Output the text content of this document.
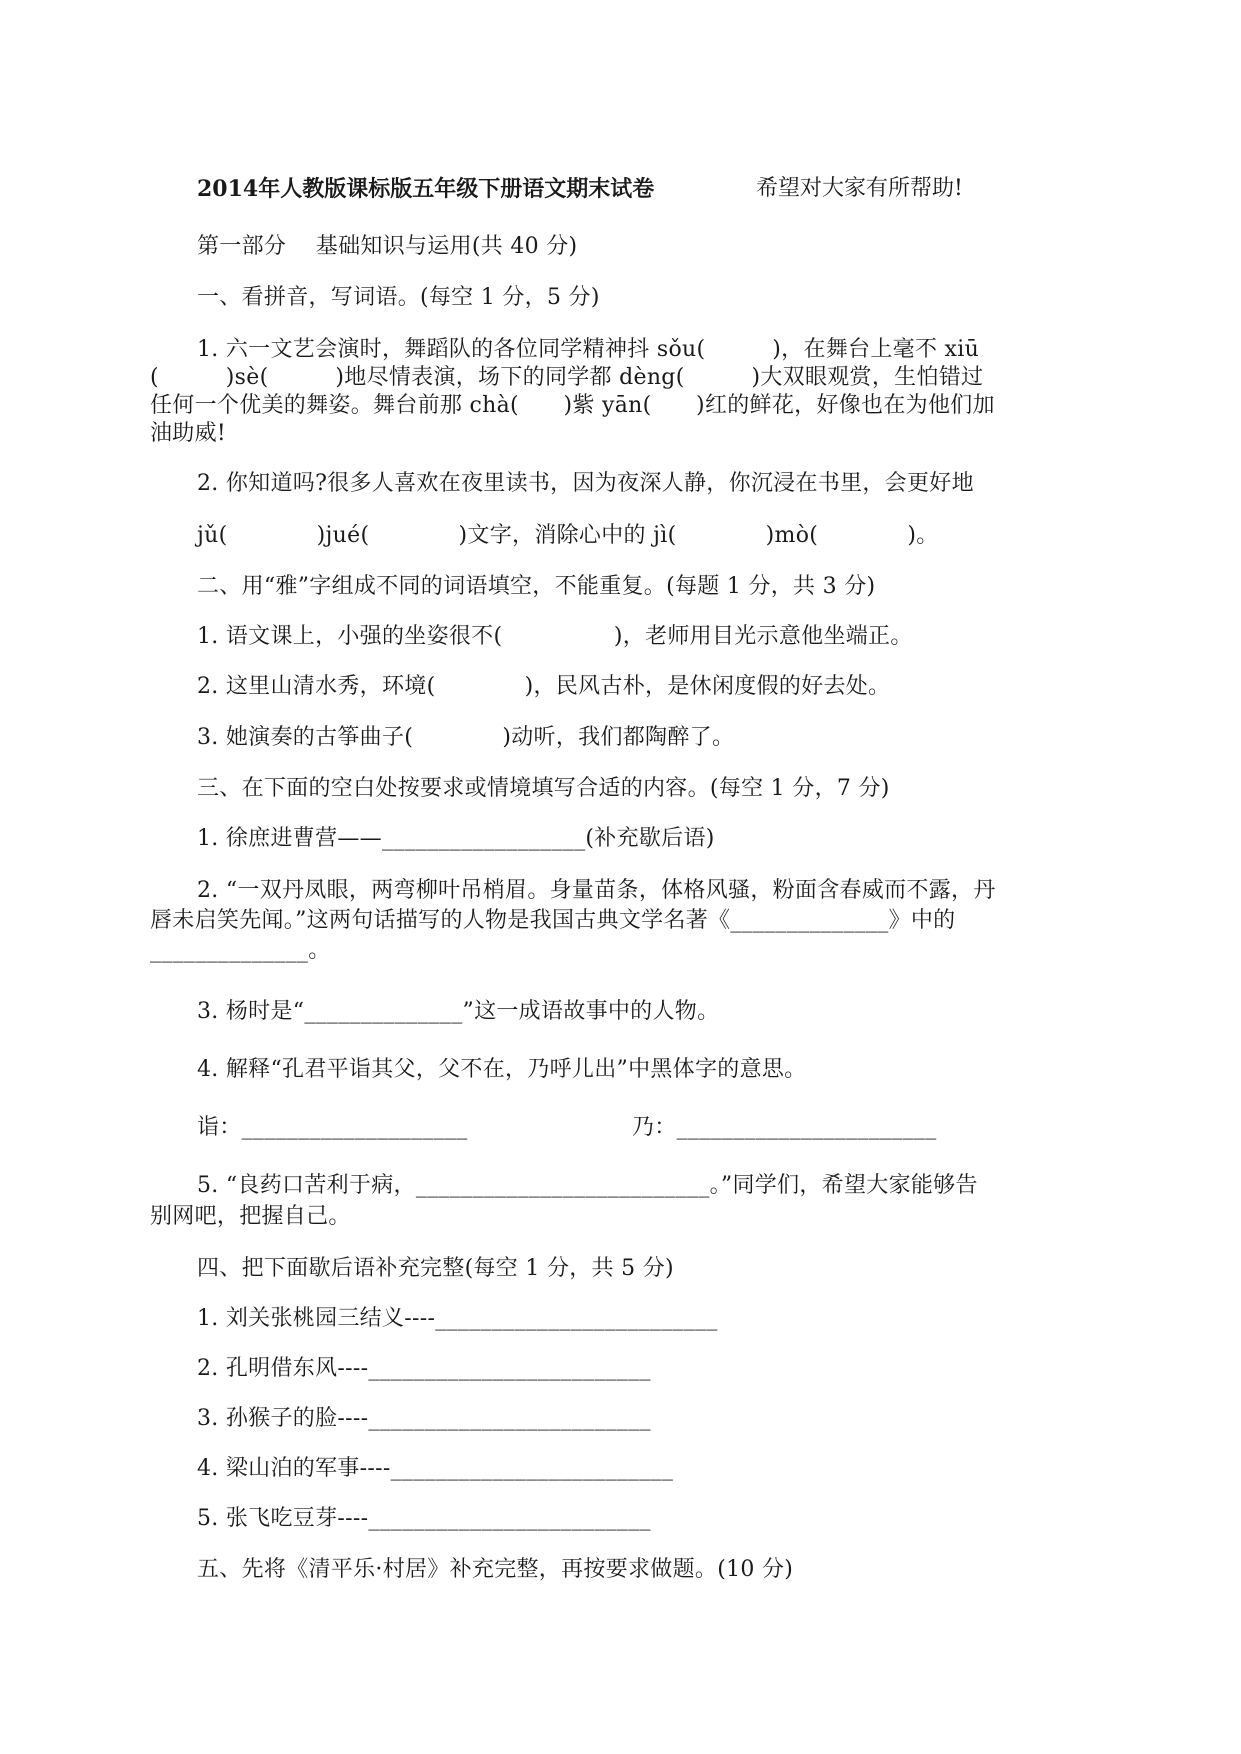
2014年人教版课标版五年级下册语文期末试卷	希望对大家有所帮助!
第一部分　 基础知识与运用(共 40 分)
一、看拼音，写词语。(每空 1 分，5 分)
1. 六一文艺会演时，舞蹈队的各位同学精神抖 sǒu(　　　)，在舞台上毫不 xiū
(　　　)sè(　　　)地尽情表演，场下的同学都 dèng(　　　)大双眼观赏，生怕错过
任何一个优美的舞姿。舞台前那 chà(　　)紫 yān(　　)红的鲜花，好像也在为他们加
油助威!
2. 你知道吗?很多人喜欢在夜里读书，因为夜深人静，你沉浸在书里，会更好地
jǔ(　　　　)jué(　　　　)文字，消除心中的 jì(　　　　)mò(　　　　)。
二、用“雅”字组成不同的词语填空，不能重复。(每题 1 分，共 3 分)
1. 语文课上，小强的坐姿很不(　　　　　)，老师用目光示意他坐端正。
2. 这里山清水秀，环境(　　　　)，民风古朴，是休闲度假的好去处。
3. 她演奏的古筝曲子(　　　　)动听，我们都陶醉了。
三、在下面的空白处按要求或情境填写合适的内容。(每空 1 分，7 分)
1. 徐庶进曹营——__________________(补充歇后语)
2. “一双丹凤眼，两弯柳叶吊梢眉。身量苗条，体格风骚，粉面含春威而不露，丹
唇未启笑先闻。”这两句话描写的人物是我国古典文学名著《______________》中的
______________。
3. 杨时是“______________”这一成语故事中的人物。
4. 解释“孔君平诣其父，父不在，乃呼儿出”中黑体字的意思。
诣：____________________	乃：_______________________
5. “良药口苦利于病，__________________________。”同学们，希望大家能够告
别网吧，把握自己。
四、把下面歇后语补充完整(每空 1 分，共 5 分)
1. 刘关张桃园三结义----_________________________
2. 孔明借东风----_________________________
3. 孙猴子的脸----_________________________
4. 梁山泊的军事----_________________________
5. 张飞吃豆芽----_________________________
五、先将《清平乐·村居》补充完整，再按要求做题。(10 分)
